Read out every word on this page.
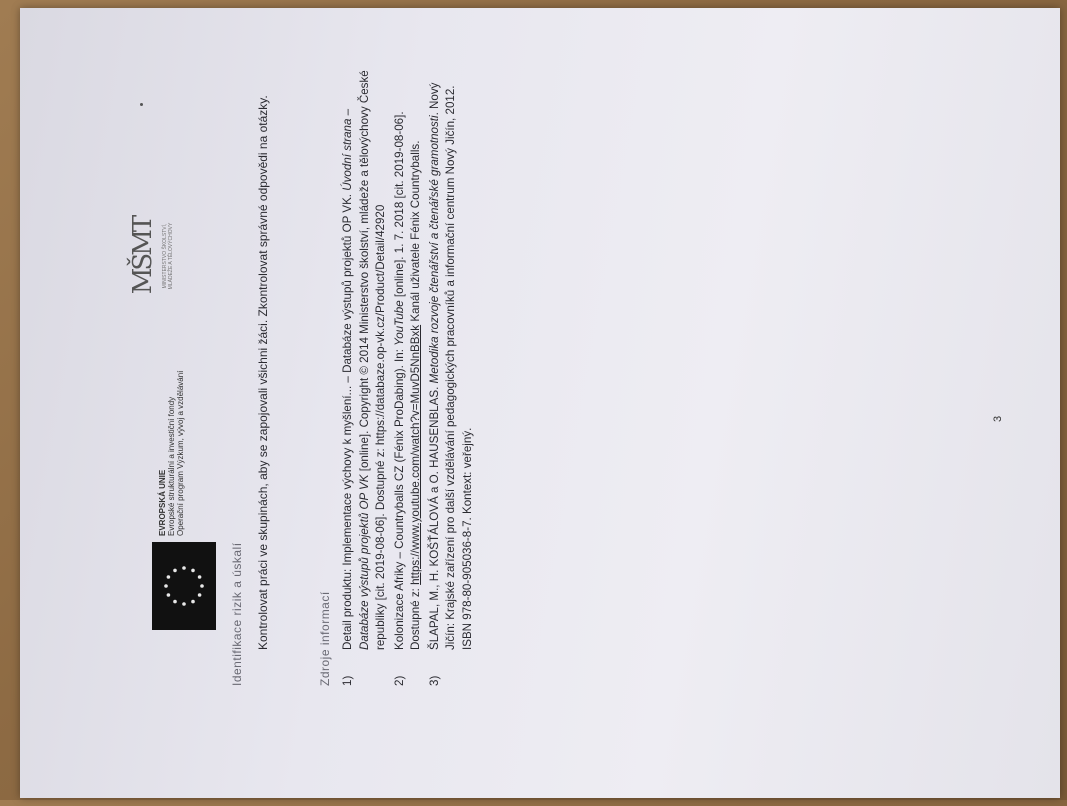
EVROPSKÁ UNIE Evropské strukturální a investiční fondy Operační program Výzkum, vývoj a vzdělávání
MŠMT MINISTERSTVO ŠKOLSTVÍ, MLÁDEŽE A TĚLOVÝCHOVY
Identifikace rizik a úskalí Kontrolovat práci ve skupinách, aby se zapojovali všichni žáci. Zkontrolovat správné odpovědi na otázky.	Zdroje informací 1)
Detail produktu: Implementace výchovy k myšlení... – Databáze výstupů projektů OP VK. Úvodní strana – Databáze výstupů projektů OP VK [online]. Copyright © 2014 Ministerstvo školství, mládeže a tělovýchovy České republiky [cit. 2019-08-06]. Dostupné z: https://databaze.op-vk.cz/Product/Detail/42920
2)
Kolonizace Afriky – Countryballs CZ (Fénix ProDabing). In: YouTube [online]. 1. 7. 2018 [cit. 2019-08-06]. Dostupné z: https://www.youtube.com/watch?v=MuvD5NnBBxk Kanál uživatele Fénix Countryballs.
3)
ŠLAPAL, M., H. KOŠŤÁLOVÁ a O. HAUSENBLAS. Metodika rozvoje čtenářství a čtenářské gramotnosti. Nový Jičín: Krajské zařízení pro další vzdělávání pedagogických pracovníků a informační centrum Nový Jičín, 2012. ISBN 978-80-905036-8-7. Kontext: veřejný.
3
